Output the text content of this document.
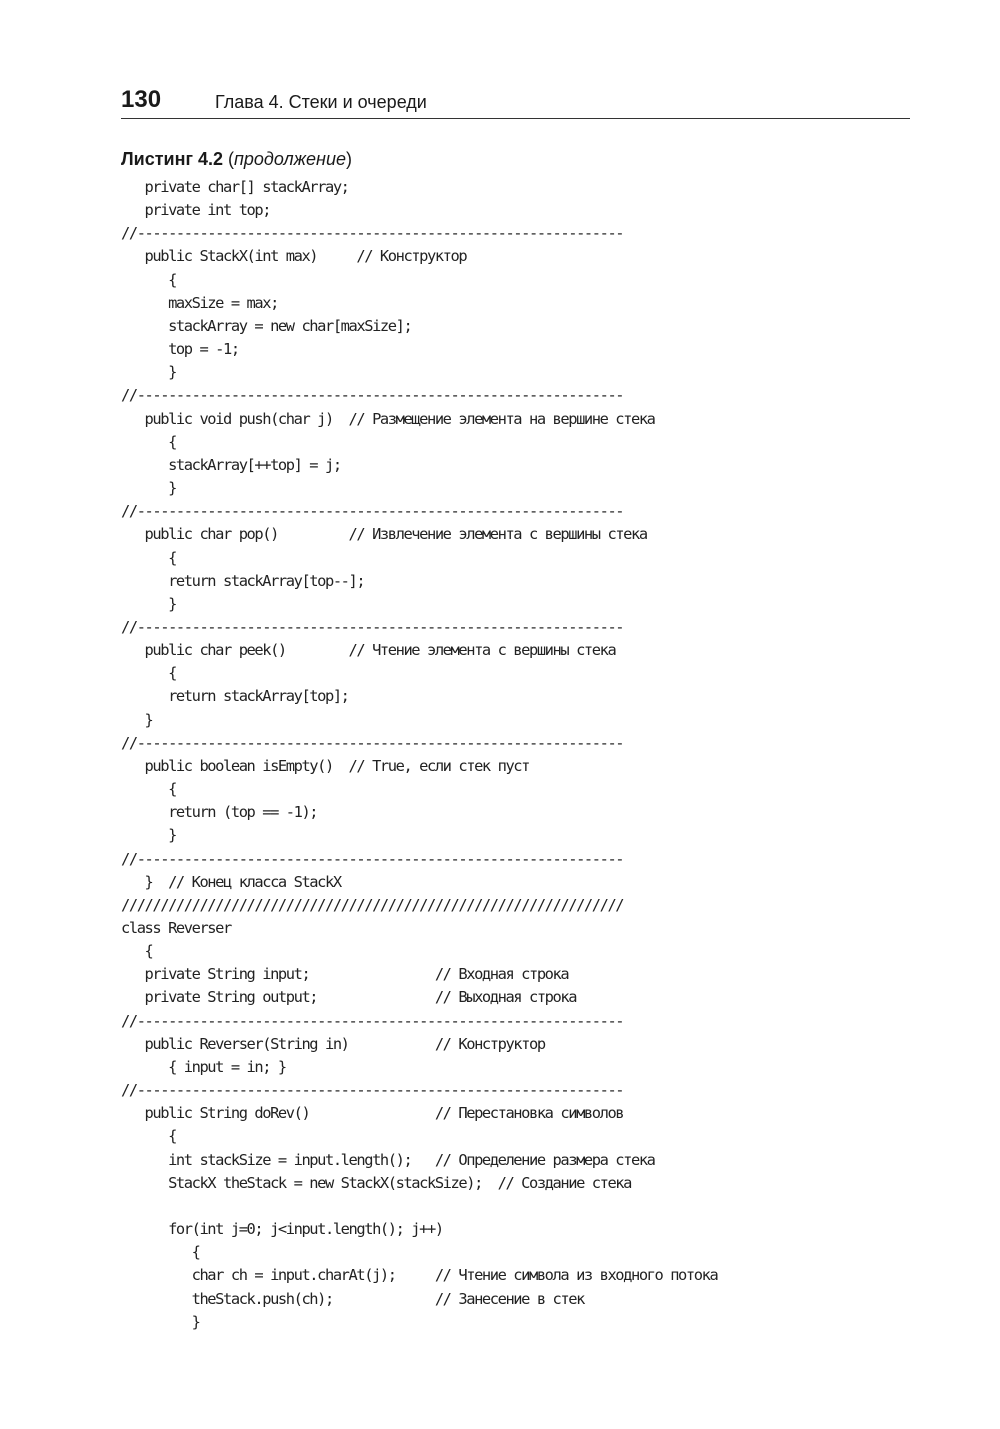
130	Глава 4. Стеки и очереди
Листинг 4.2 (продолжение)
private char[] stackArray;
private int top;
//--------------------------------------------------------------
public StackX(int max)     // Конструктор
{
maxSize = max;
stackArray = new char[maxSize];
top = -1;
}
//--------------------------------------------------------------
public void push(char j)  // Размещение элемента на вершине стека
{
stackArray[++top] = j;
}
//--------------------------------------------------------------
public char pop()         // Извлечение элемента с вершины стека
{
return stackArray[top--];
}
//--------------------------------------------------------------
public char peek()        // Чтение элемента с вершины стека
{
return stackArray[top];
}
//--------------------------------------------------------------
public boolean isEmpty()  // True, если стек пуст
{
return (top == -1);
}
//--------------------------------------------------------------
}  // Конец класса StackX
////////////////////////////////////////////////////////////////
class Reverser
{
private String input;                // Входная строка
private String output;               // Выходная строка
//--------------------------------------------------------------
public Reverser(String in)           // Конструктор
{ input = in; }
//--------------------------------------------------------------
public String doRev()                // Перестановка символов
{
int stackSize = input.length();   // Определение размера стека
StackX theStack = new StackX(stackSize);  // Создание стека
for(int j=0; j<input.length(); j++)
{
char ch = input.charAt(j);     // Чтение символа из входного потока
theStack.push(ch);             // Занесение в стек
}
